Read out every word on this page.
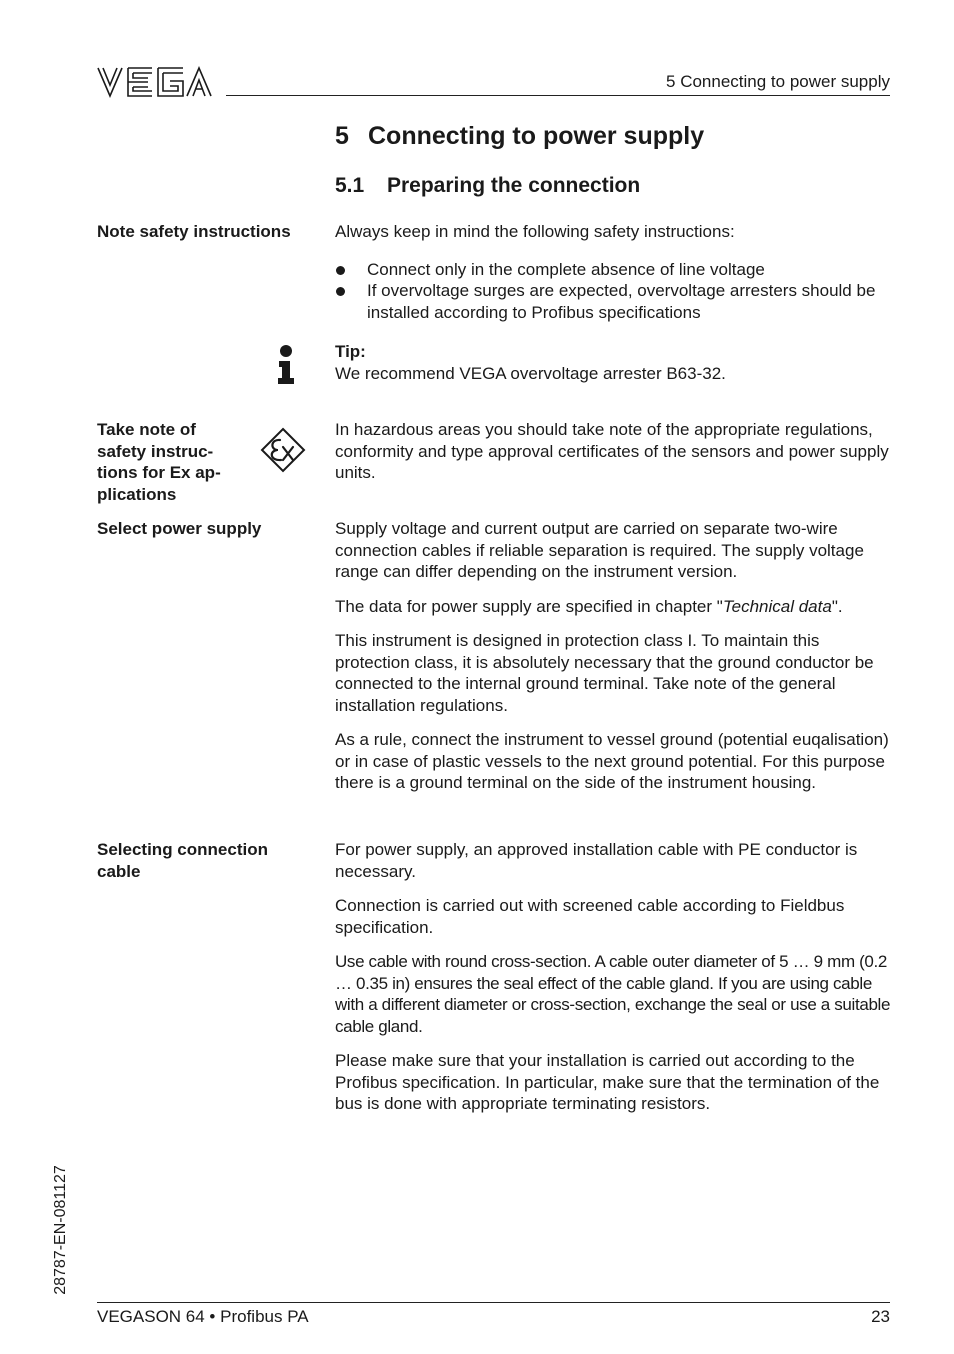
5 Connecting to power supply
5 Connecting to power supply
5.1 Preparing the connection
Note safety instructions	Always keep in mind the following safety instructions:

Connect only in the complete absence of line voltage
If overvoltage surges are expected, overvoltage arresters should be installed according to Profibus specifications

Tip:

We recommend VEGA overvoltage arrester B63-32.

Take note of safety instruc- tions for Ex ap- plications
In hazardous areas you should take note of the appropriate regulations, conformity and type approval certificates of the sensors and power supply units.
Select power supply	Supply voltage and current output are carried on separate two-wire connection cables if reliable separation is required. The supply voltage range can differ depending on the instrument version.

The data for power supply are specified in chapter "Technical data".

This instrument is designed in protection class I. To maintain this protection class, it is absolutely necessary that the ground conductor be connected to the internal ground terminal. Take note of the general installation regulations.

As a rule, connect the instrument to vessel ground (potential euqalisation) or in case of plastic vessels to the next ground potential. For this purpose there is a ground terminal on the side of the instrument housing.

Selecting connection cable

For power supply, an approved installation cable with PE conductor is necessary.

Connection is carried out with screened cable according to Fieldbus specification.

Use cable with round cross-section. A cable outer diameter of 5 … 9 mm (0.2 … 0.35 in) ensures the seal effect of the cable gland. If you are using cable with a different diameter or cross-section, exchange the seal or use a suitable cable gland.

Please make sure that your installation is carried out according to the Profibus specification. In particular, make sure that the termination of the bus is done with appropriate terminating resistors.

28787-EN-081127
VEGASON 64 • Profibus PA	23
